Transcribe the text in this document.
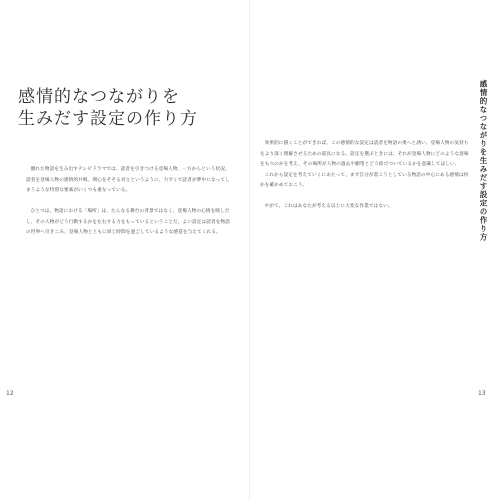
感情的なつながりを
生みだす設定の作り方

優れた物語を生み出すテレビドラマでは、読者を引きつける登場人物、一方からという状況、読者を登場人物の感情的共鳴、関心をそそる対立というように、力ずくで読者が夢中になってしまうような特別な要素がいくつも重なっている。

ひとつは、物語における「場所」は、たんなる舞台の背景ではなく、登場人物の心情を映しだし、その人物がどう行動するかを左右する力をもっているということだ。よい設定は読者を物語の世界へ引きこみ、登場人物とともに同じ時間を過ごしているような感覚を与えてくれる。

12

効果的に描くことができれば、この感情的な設定は読者を物語の奥へと誘い、登場人物の気持ちをより深く理解させるための道具になる。設定を選ぶときには、それが登場人物にどのような意味をもつのかを考え、その場所が人物の過去や願望とどう結びついているかを意識してほしい。

これから設定を考えていくにあたって、まず自分が書こうとしている物語の中心にある感情は何かを確かめておこう。

やがて、これはあなたが考える以上に大変な作業ではない。	感情的なつながりを生みだす設定の作り方
13
